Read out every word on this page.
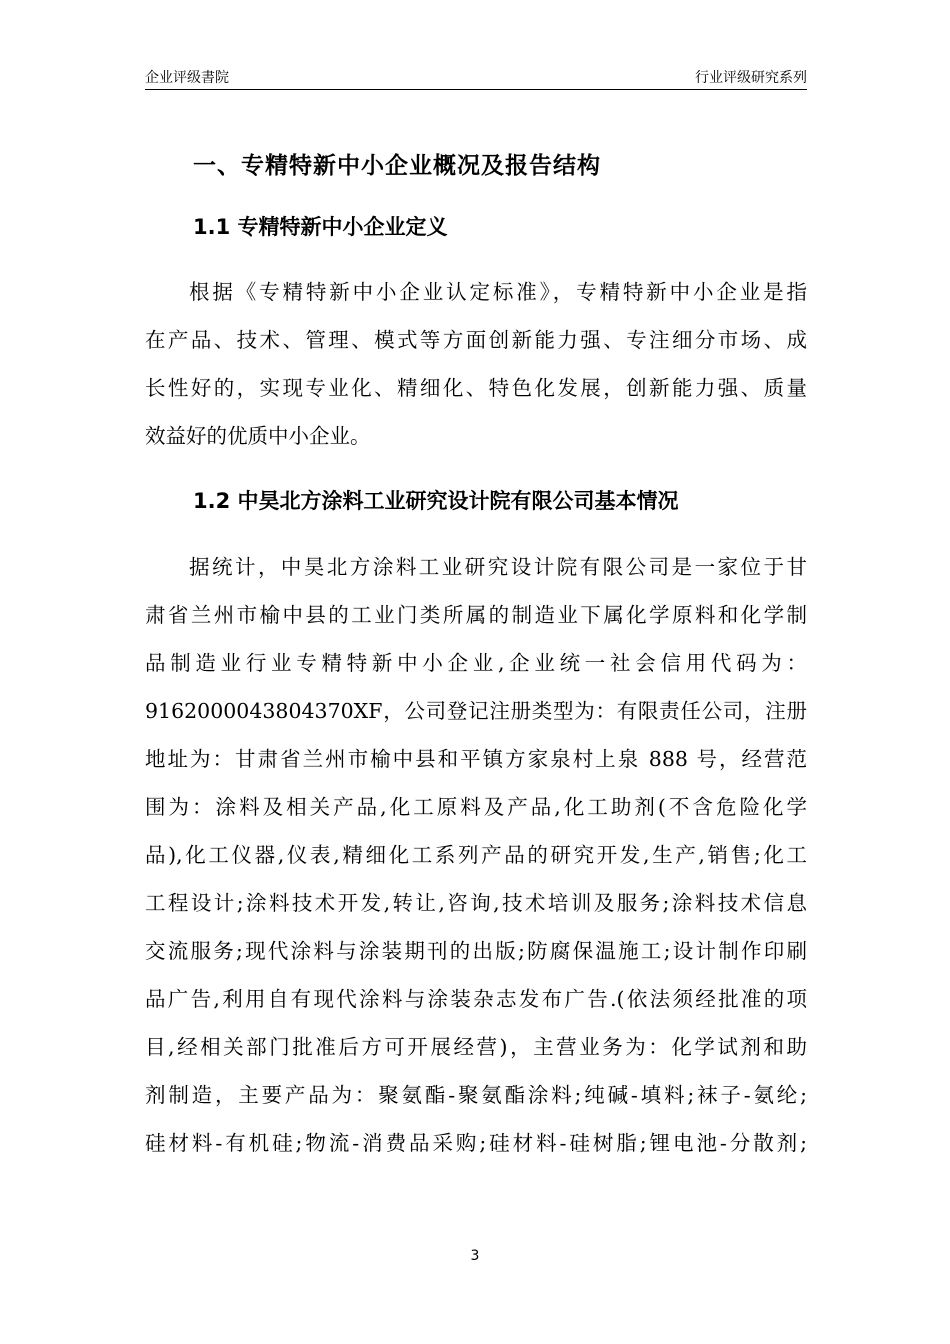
企业评级書院	行业评级研究系列
一、专精特新中小企业概况及报告结构
1.1 专精特新中小企业定义
根据《专精特新中小企业认定标准》，专精特新中小企业是指
在产品、技术、管理、模式等方面创新能力强、专注细分市场、成
长性好的，实现专业化、精细化、特色化发展，创新能力强、质量
效益好的优质中小企业。
1.2 中昊北方涂料工业研究设计院有限公司基本情况
据统计，中昊北方涂料工业研究设计院有限公司是一家位于甘
肃省兰州市榆中县的工业门类所属的制造业下属化学原料和化学制
品制造业行业专精特新中小企业,企业统一社会信用代码为：
9162000043804370XF，公司登记注册类型为：有限责任公司，注册
地址为：甘肃省兰州市榆中县和平镇方家泉村上泉 888 号，经营范
围为：涂料及相关产品,化工原料及产品,化工助剂(不含危险化学
品),化工仪器,仪表,精细化工系列产品的研究开发,生产,销售;化工
工程设计;涂料技术开发,转让,咨询,技术培训及服务;涂料技术信息
交流服务;现代涂料与涂装期刊的出版;防腐保温施工;设计制作印刷
品广告,利用自有现代涂料与涂装杂志发布广告.(依法须经批准的项
目,经相关部门批准后方可开展经营)，主营业务为：化学试剂和助
剂制造，主要产品为：聚氨酯-聚氨酯涂料;纯碱-填料;袜子-氨纶;
硅材料-有机硅;物流-消费品采购;硅材料-硅树脂;锂电池-分散剂;
3
